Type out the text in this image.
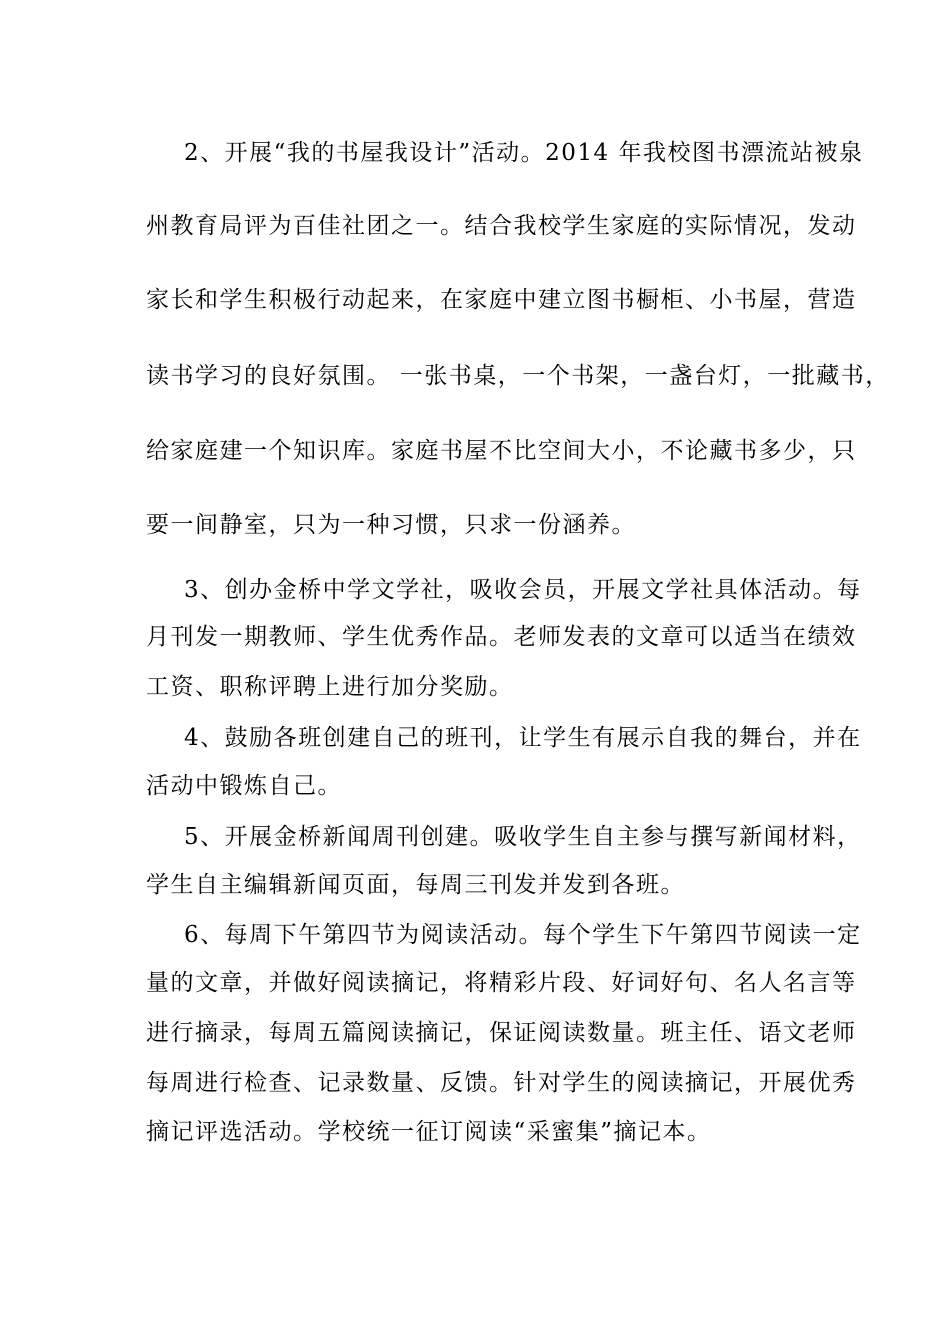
2、开展“我的书屋我设计”活动。2014 年我校图书漂流站被泉

州教育局评为百佳社团之一。结合我校学生家庭的实际情况，发动

家长和学生积极行动起来，在家庭中建立图书橱柜、小书屋，营造

读书学习的良好氛围。 一张书桌，一个书架，一盏台灯，一批藏书，

给家庭建一个知识库。家庭书屋不比空间大小，不论藏书多少，只

要一间静室，只为一种习惯，只求一份涵养。

3、创办金桥中学文学社，吸收会员，开展文学社具体活动。每

月刊发一期教师、学生优秀作品。老师发表的文章可以适当在绩效

工资、职称评聘上进行加分奖励。

4、鼓励各班创建自己的班刊，让学生有展示自我的舞台，并在

活动中锻炼自己。

5、开展金桥新闻周刊创建。吸收学生自主参与撰写新闻材料，

学生自主编辑新闻页面，每周三刊发并发到各班。

6、每周下午第四节为阅读活动。每个学生下午第四节阅读一定

量的文章，并做好阅读摘记，将精彩片段、好词好句、名人名言等

进行摘录，每周五篇阅读摘记，保证阅读数量。班主任、语文老师

每周进行检查、记录数量、反馈。针对学生的阅读摘记，开展优秀

摘记评选活动。学校统一征订阅读“采蜜集”摘记本。
